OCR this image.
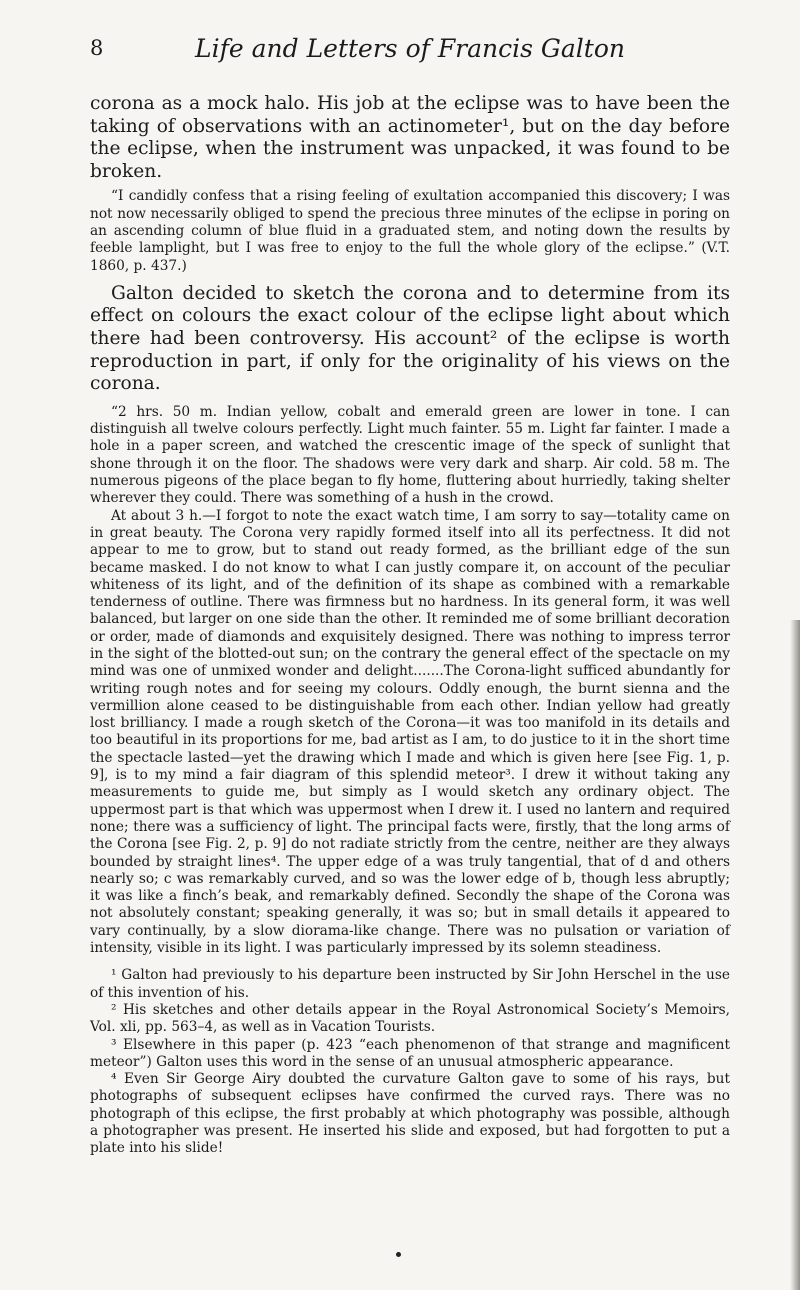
8	Life and Letters of Francis Galton

corona as a mock halo. His job at the eclipse was to have been the taking of observations with an actinometer¹, but on the day before the eclipse, when the instrument was unpacked, it was found to be broken.

“I candidly confess that a rising feeling of exultation accompanied this discovery; I was not now necessarily obliged to spend the precious three minutes of the eclipse in poring on an ascending column of blue fluid in a graduated stem, and noting down the results by feeble lamplight, but I was free to enjoy to the full the whole glory of the eclipse.” (V.T. 1860, p. 437.)

Galton decided to sketch the corona and to determine from its effect on colours the exact colour of the eclipse light about which there had been controversy. His account² of the eclipse is worth reproduction in part, if only for the originality of his views on the corona.

“2 hrs. 50 m. Indian yellow, cobalt and emerald green are lower in tone. I can distinguish all twelve colours perfectly. Light much fainter. 55 m. Light far fainter. I made a hole in a paper screen, and watched the crescentic image of the speck of sunlight that shone through it on the floor. The shadows were very dark and sharp. Air cold. 58 m. The numerous pigeons of the place began to fly home, fluttering about hurriedly, taking shelter wherever they could. There was something of a hush in the crowd.

At about 3 h.—I forgot to note the exact watch time, I am sorry to say—totality came on in great beauty. The Corona very rapidly formed itself into all its perfectness. It did not appear to me to grow, but to stand out ready formed, as the brilliant edge of the sun became masked. I do not know to what I can justly compare it, on account of the peculiar whiteness of its light, and of the definition of its shape as combined with a remarkable tenderness of outline. There was firmness but no hardness. In its general form, it was well balanced, but larger on one side than the other. It reminded me of some brilliant decoration or order, made of diamonds and exquisitely designed. There was nothing to impress terror in the sight of the blotted-out sun; on the contrary the general effect of the spectacle on my mind was one of unmixed wonder and delight.......The Corona-light sufficed abundantly for writing rough notes and for seeing my colours. Oddly enough, the burnt sienna and the vermillion alone ceased to be distinguishable from each other. Indian yellow had greatly lost brilliancy. I made a rough sketch of the Corona—it was too manifold in its details and too beautiful in its proportions for me, bad artist as I am, to do justice to it in the short time the spectacle lasted—yet the drawing which I made and which is given here [see Fig. 1, p. 9], is to my mind a fair diagram of this splendid meteor³. I drew it without taking any measurements to guide me, but simply as I would sketch any ordinary object. The uppermost part is that which was uppermost when I drew it. I used no lantern and required none; there was a sufficiency of light. The principal facts were, firstly, that the long arms of the Corona [see Fig. 2, p. 9] do not radiate strictly from the centre, neither are they always bounded by straight lines⁴. The upper edge of a was truly tangential, that of d and others nearly so; c was remarkably curved, and so was the lower edge of b, though less abruptly; it was like a finch’s beak, and remarkably defined. Secondly the shape of the Corona was not absolutely constant; speaking generally, it was so; but in small details it appeared to vary continually, by a slow diorama-like change. There was no pulsation or variation of intensity, visible in its light. I was particularly impressed by its solemn steadiness.

¹ Galton had previously to his departure been instructed by Sir John Herschel in the use of this invention of his.

² His sketches and other details appear in the Royal Astronomical Society’s Memoirs, Vol. xli, pp. 563–4, as well as in Vacation Tourists.

³ Elsewhere in this paper (p. 423 “each phenomenon of that strange and magnificent meteor”) Galton uses this word in the sense of an unusual atmospheric appearance.

⁴ Even Sir George Airy doubted the curvature Galton gave to some of his rays, but photographs of subsequent eclipses have confirmed the curved rays. There was no photograph of this eclipse, the first probably at which photography was possible, although a photographer was present. He inserted his slide and exposed, but had forgotten to put a plate into his slide!
